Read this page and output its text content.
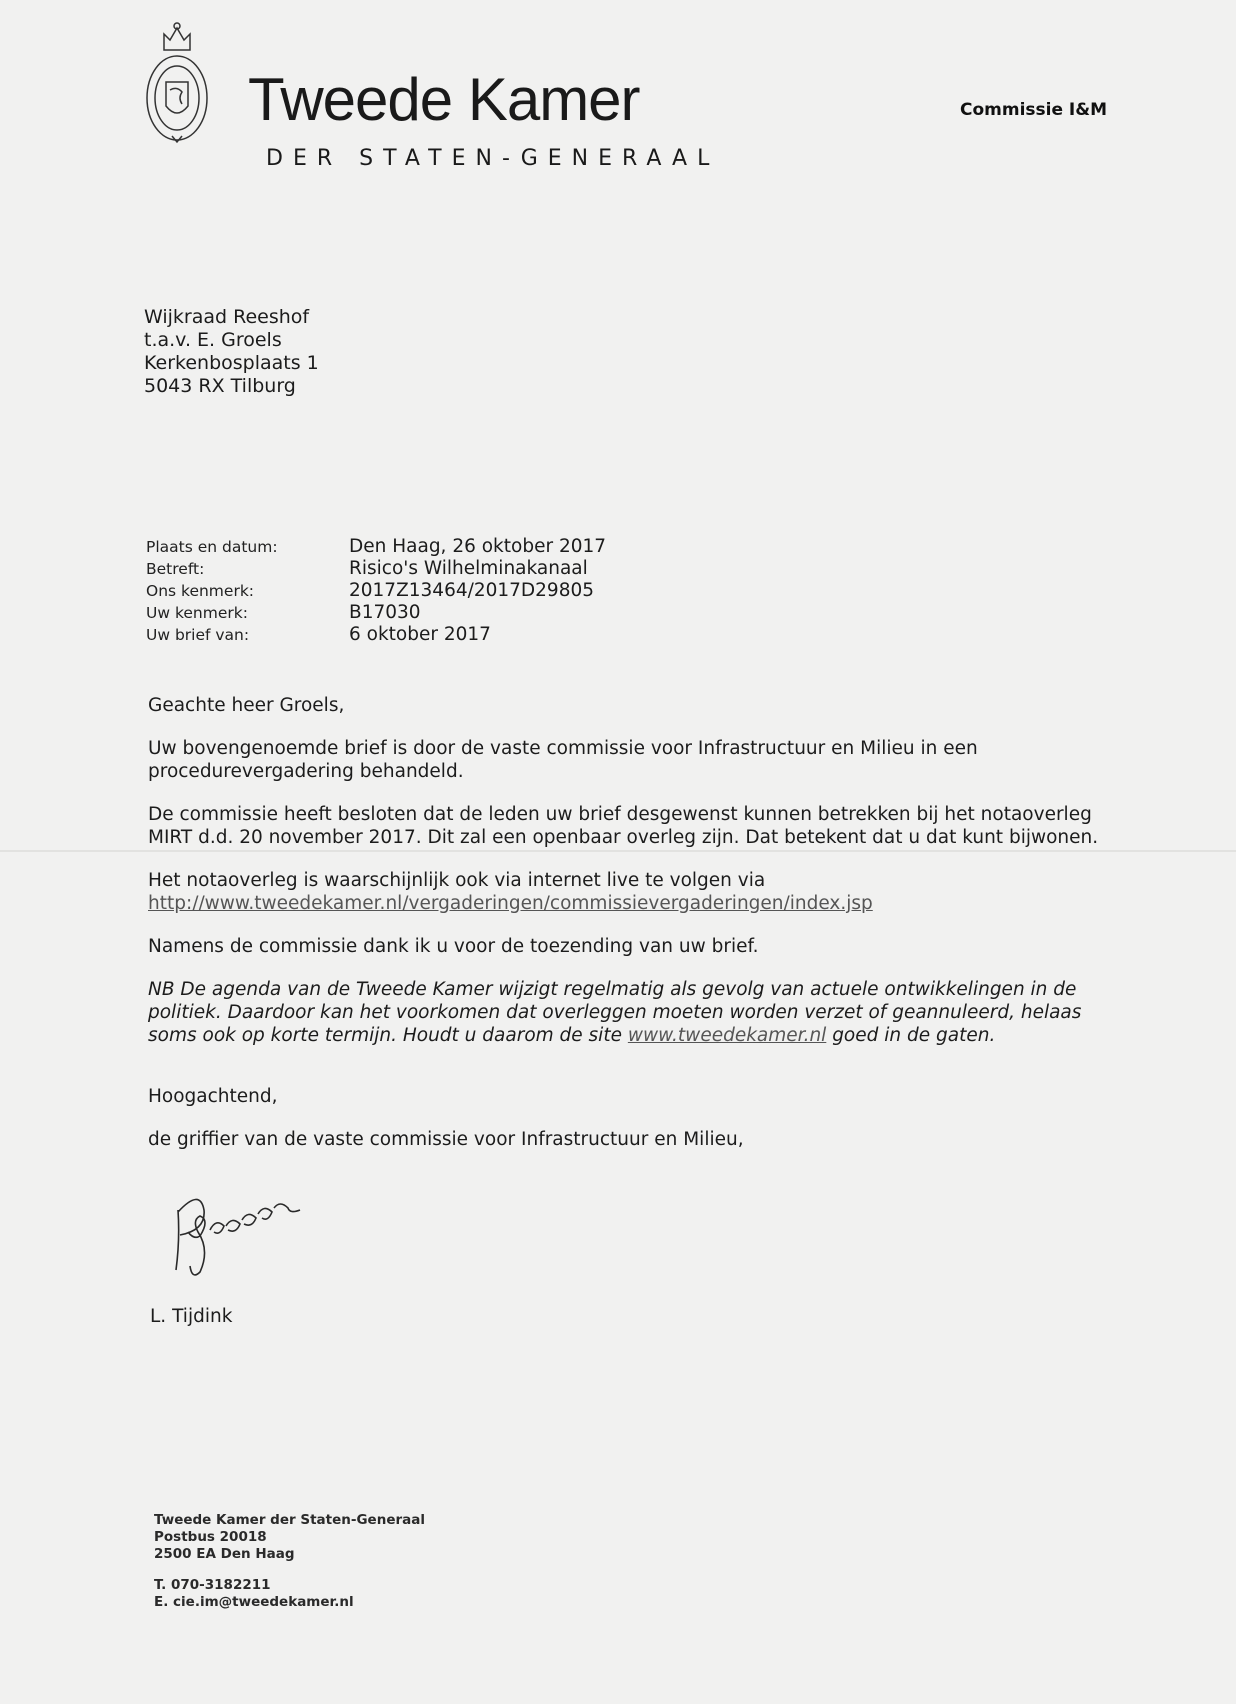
Tweede Kamer
DER STATEN-GENERAAL
Commissie I&M
Wijkraad Reeshof
t.a.v. E. Groels
Kerkenbosplaats 1
5043 RX Tilburg
Plaats en datum:	Den Haag, 26 oktober 2017
Betreft:	Risico's Wilhelminakanaal
Ons kenmerk:	2017Z13464/2017D29805
Uw kenmerk:	B17030
Uw brief van:	6 oktober 2017

Geachte heer Groels,

Uw bovengenoemde brief is door de vaste commissie voor Infrastructuur en Milieu in een

procedurevergadering behandeld.

De commissie heeft besloten dat de leden uw brief desgewenst kunnen betrekken bij het notaoverleg

MIRT d.d. 20 november 2017. Dit zal een openbaar overleg zijn. Dat betekent dat u dat kunt bijwonen.

Het notaoverleg is waarschijnlijk ook via internet live te volgen via

http://www.tweedekamer.nl/vergaderingen/commissievergaderingen/index.jsp

Namens de commissie dank ik u voor de toezending van uw brief.

NB De agenda van de Tweede Kamer wijzigt regelmatig als gevolg van actuele ontwikkelingen in de

politiek. Daardoor kan het voorkomen dat overleggen moeten worden verzet of geannuleerd, helaas

soms ook op korte termijn. Houdt u daarom de site www.tweedekamer.nl goed in de gaten.

Hoogachtend,

de griffier van de vaste commissie voor Infrastructuur en Milieu,

L. Tijdink
Tweede Kamer der Staten-Generaal
Postbus 20018
2500 EA Den Haag
T. 070-3182211
E. cie.im@tweedekamer.nl
